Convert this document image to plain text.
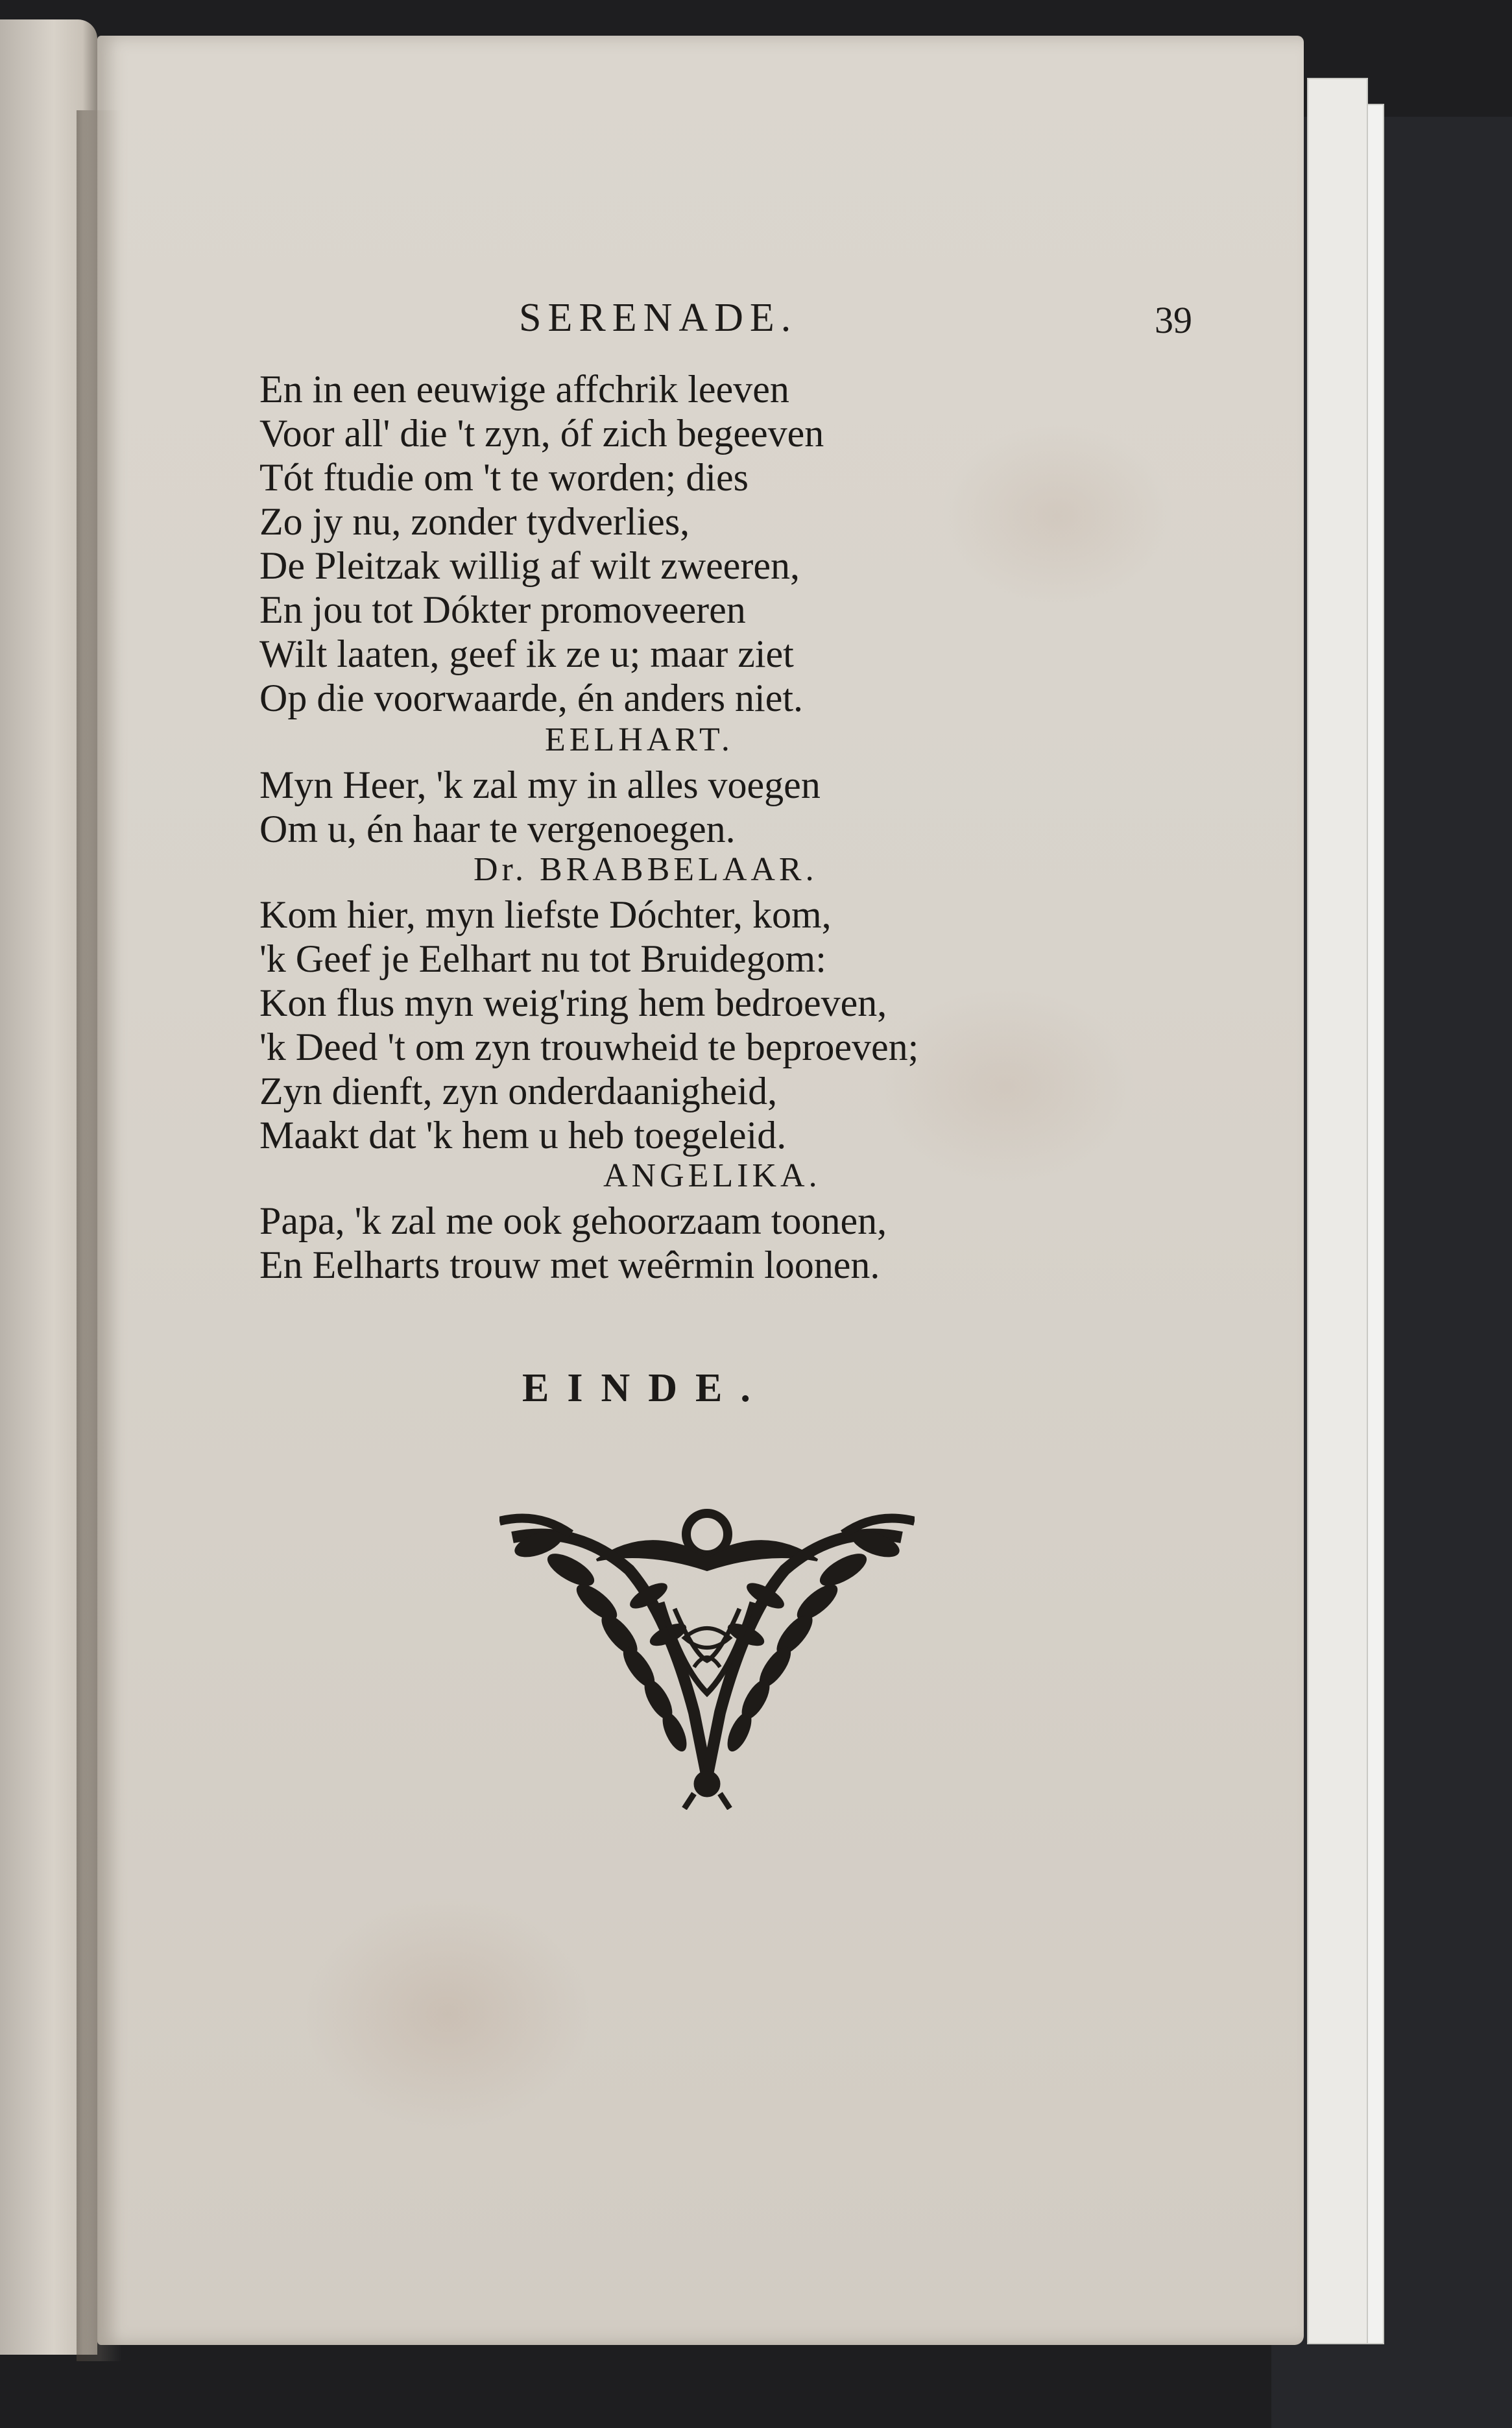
SERENADE.	39
En in een eeuwige affchrik leeven
Voor all' die 't zyn, óf zich begeeven
Tót ftudie om 't te worden; dies
Zo jy nu, zonder tydverlies,
De Pleitzak willig af wilt zweeren,
En jou tot Dókter promoveeren
Wilt laaten, geef ik ze u; maar ziet
Op die voorwaarde, én anders niet.
EELHART.
Myn Heer, 'k zal my in alles voegen
Om u, én haar te vergenoegen.
Dr. BRABBELAAR.
Kom hier, myn liefste Dóchter, kom,
'k Geef je Eelhart nu tot Bruidegom:
Kon flus myn weig'ring hem bedroeven,
'k Deed 't om zyn trouwheid te beproeven;
Zyn dienft, zyn onderdaanigheid,
Maakt dat 'k hem u heb toegeleid.
ANGELIKA.
Papa, 'k zal me ook gehoorzaam toonen,
En Eelharts trouw met weêrmin loonen.
EINDE.
